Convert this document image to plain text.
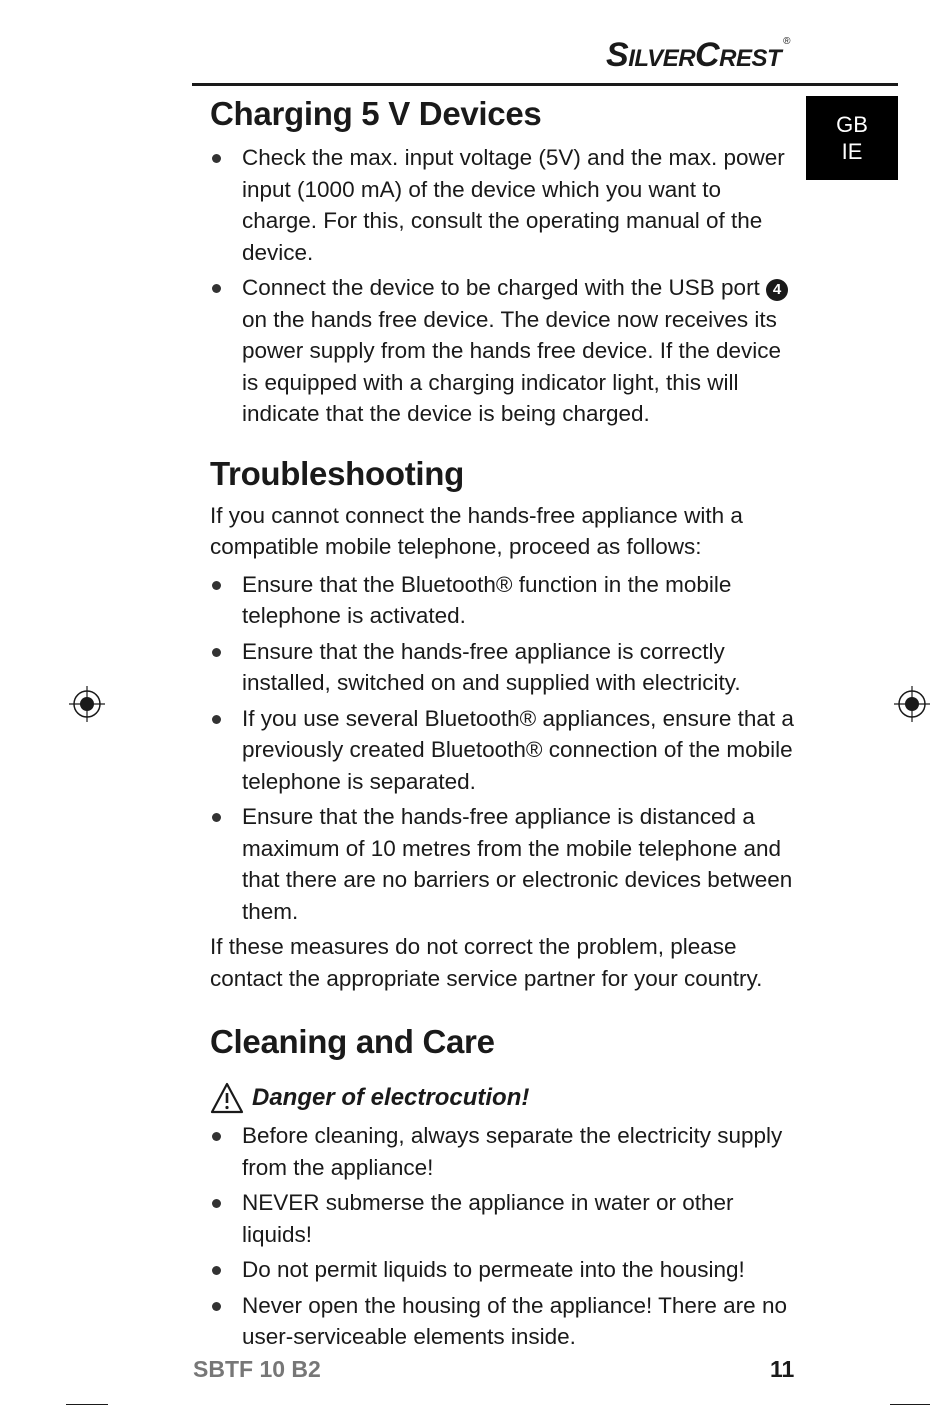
SilverCrest ®
GB
IE
Charging 5 V Devices
Check the max. input voltage (5V) and the max. power input (1000 mA) of the device which you want to charge. For this, consult the operating manual of the device.
Connect the device to be charged with the USB port 4 on the hands free device. The device now receives its power supply from the hands free device. If the device is equipped with a charging indicator light, this will indicate that the device is being charged.
Troubleshooting

If you cannot connect the hands-free appliance with a compatible mobile telephone, proceed as follows:

Ensure that the Bluetooth® function in the mobile telephone is activated.
Ensure that the hands-free appliance is correctly installed, switched on and supplied with electricity.
If you use several Bluetooth® appliances, ensure that a previously created Bluetooth® connection of the mobile telephone is separated.
Ensure that the hands-free appliance is distanced a maximum of 10 metres from the mobile telephone and that there are no barriers or electronic devices between them.

If these measures do not correct the problem, please contact the appropriate service partner for your country.

Cleaning and Care
Danger of electrocution!
Before cleaning, always separate the electricity supply from the appliance!
NEVER submerse the appliance in water or other liquids!
Do not permit liquids to permeate into the housing!
Never open the housing of the appliance! There are no user-serviceable elements inside.
SBTF 10 B2	11
